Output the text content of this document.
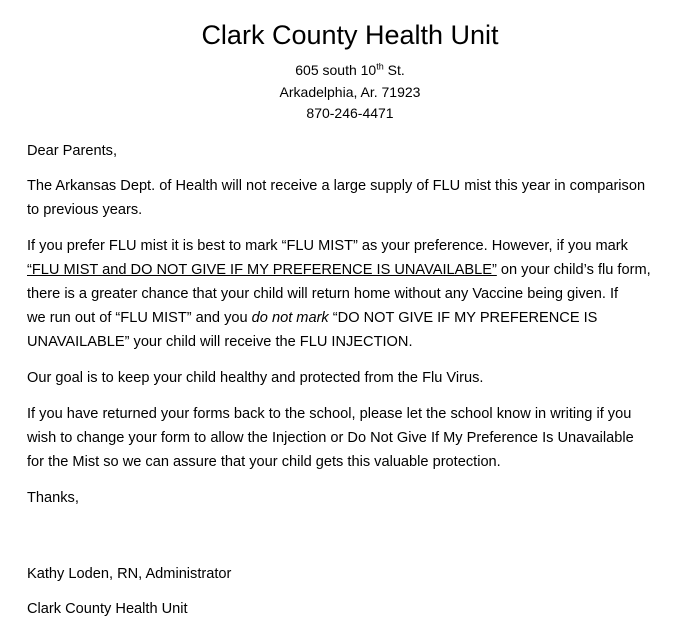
Clark County Health Unit
605 south 10th St.
Arkadelphia, Ar. 71923
870-246-4471
Dear Parents,
The Arkansas Dept. of Health will not receive a large supply of FLU mist this year in comparison
to previous years.
If you prefer FLU mist it is best to mark “FLU MIST” as your preference. However, if you mark
“FLU MIST and DO NOT GIVE IF MY PREFERENCE IS UNAVAILABLE” on your child’s flu form,
there is a greater chance that your child will return home without any Vaccine being given. If
we run out of “FLU MIST” and you do not mark “DO NOT GIVE IF MY PREFERENCE IS
UNAVAILABLE” your child will receive the FLU INJECTION.
Our goal is to keep your child healthy and protected from the Flu Virus.
If you have returned your forms back to the school, please let the school know in writing if you
wish to change your form to allow the Injection or Do Not Give If My Preference Is Unavailable
for the Mist so we can assure that your child gets this valuable protection.
Thanks,
Kathy Loden, RN, Administrator
Clark County Health Unit
